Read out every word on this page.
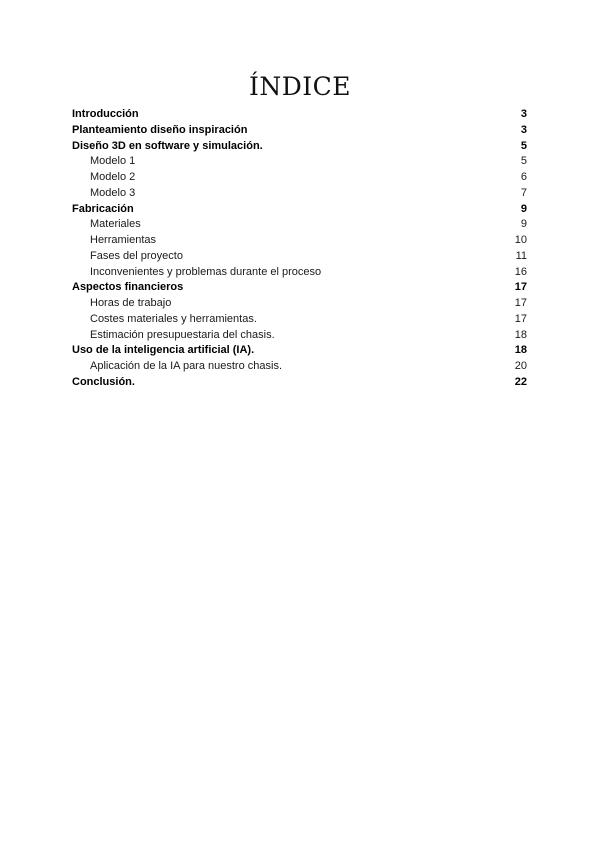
ÍNDICE
Introducción	3
Planteamiento diseño inspiración	3
Diseño 3D en software y simulación.	5
Modelo 1	5
Modelo 2	6
Modelo 3	7
Fabricación	9
Materiales	9
Herramientas	10
Fases del proyecto	11
Inconvenientes y problemas durante el proceso	16
Aspectos financieros	17
Horas de trabajo	17
Costes materiales y herramientas.	17
Estimación presupuestaria del chasis.	18
Uso de la inteligencia artificial (IA).	18
Aplicación de la IA para nuestro chasis.	20
Conclusión.	22
